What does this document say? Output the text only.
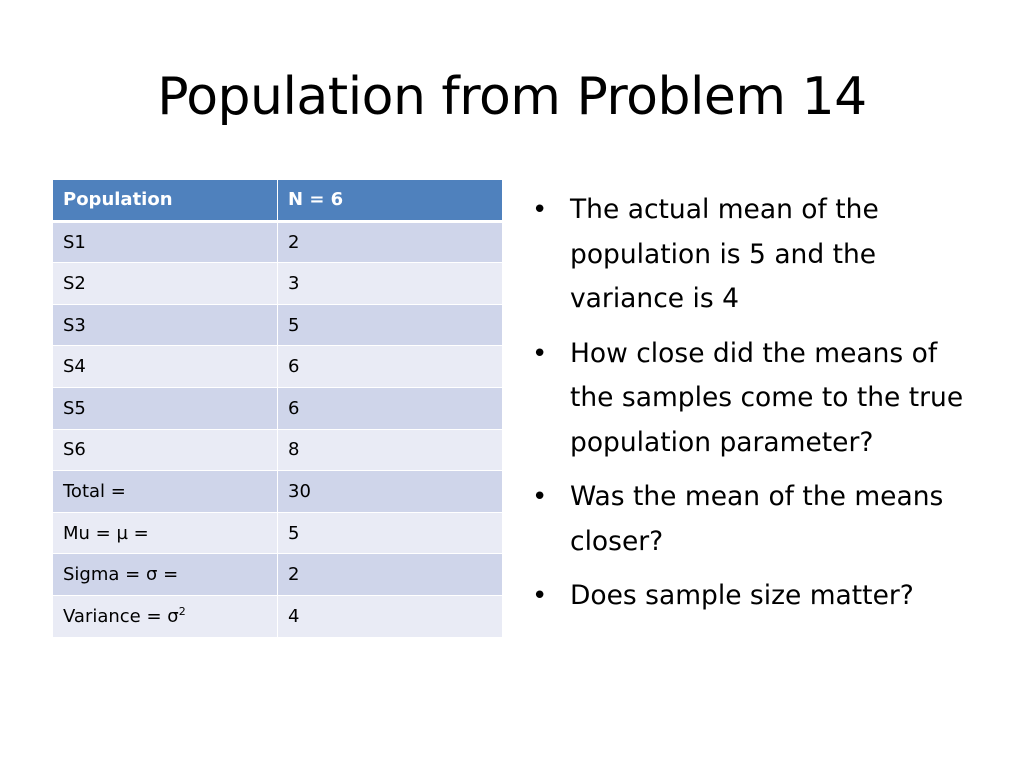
Population from Problem 14
Population	N = 6
S1	2
S2	3
S3	5
S4	6
S5	6
S6	8
Total =	30
Mu = µ =	5
Sigma = σ =	2
Variance = $\sigma^2$	4
• The actual mean of the population is 5 and the variance is 4
• How close did the means of the samples come to the true population parameter?
• Was the mean of the means closer?
• Does sample size matter?
